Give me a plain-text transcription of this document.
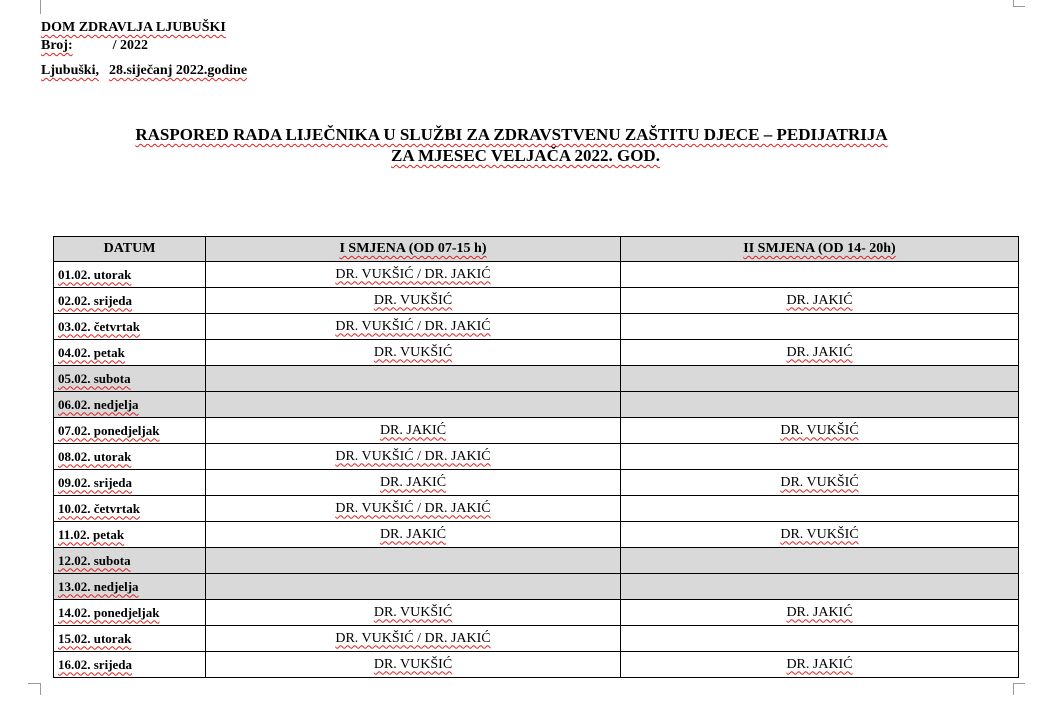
DOM ZDRAVLJA LJUBUŠKI
Broj:	/ 2022
Ljubuški, 28.siječanj 2022.godine
RASPORED RADA LIJEČNIKA U SLUŽBI ZA ZDRAVSTVENU ZAŠTITU DJECE – PEDIJATRIJA
ZA MJESEC VELJAČA 2022. GOD.
DATUM	I SMJENA (OD 07-15 h)	II SMJENA (OD 14- 20h)
01.02. utorak	DR. VUKŠIĆ / DR. JAKIĆ	
02.02. srijeda	DR. VUKŠIĆ	DR. JAKIĆ
03.02. četvrtak	DR. VUKŠIĆ / DR. JAKIĆ	
04.02. petak	DR. VUKŠIĆ	DR. JAKIĆ
05.02. subota		
06.02. nedjelja		
07.02. ponedjeljak	DR. JAKIĆ	DR. VUKŠIĆ
08.02. utorak	DR. VUKŠIĆ / DR. JAKIĆ	
09.02. srijeda	DR. JAKIĆ	DR. VUKŠIĆ
10.02. četvrtak	DR. VUKŠIĆ / DR. JAKIĆ	
11.02. petak	DR. JAKIĆ	DR. VUKŠIĆ
12.02. subota		
13.02. nedjelja		
14.02. ponedjeljak	DR. VUKŠIĆ	DR. JAKIĆ
15.02. utorak	DR. VUKŠIĆ / DR. JAKIĆ	
16.02. srijeda	DR. VUKŠIĆ	DR. JAKIĆ
